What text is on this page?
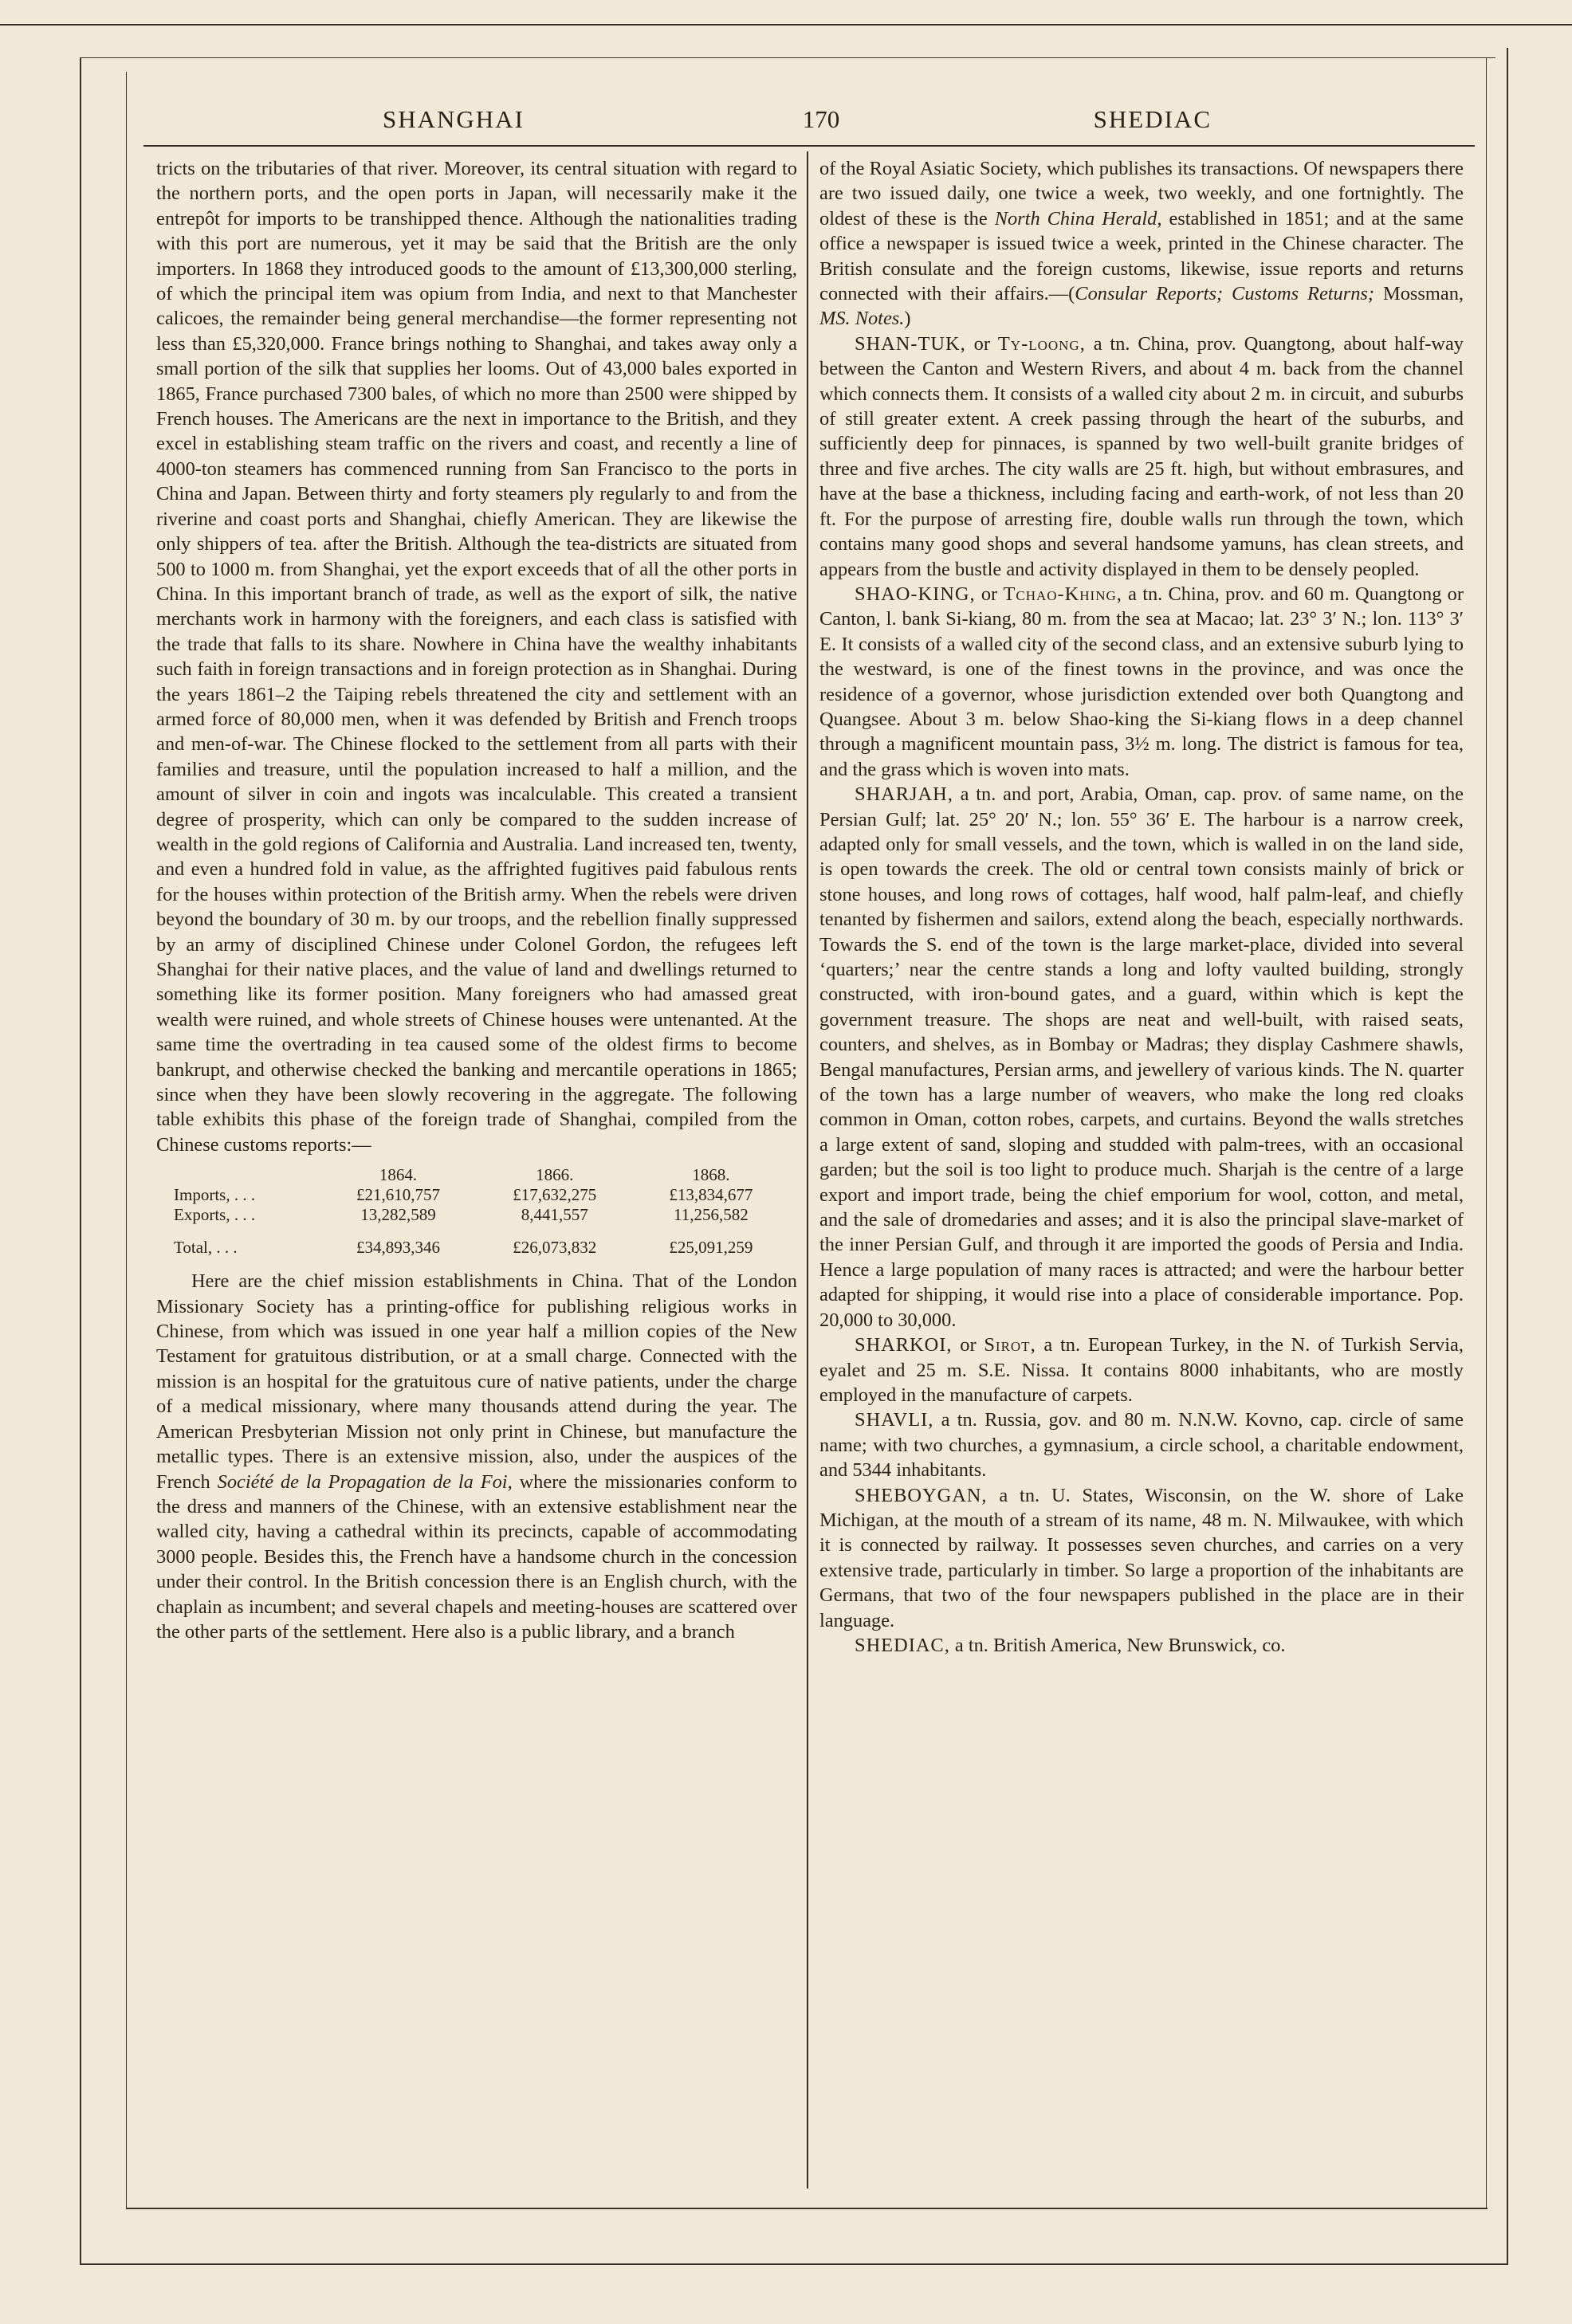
SHANGHAI	170	SHEDIAC

tricts on the tributaries of that river. Moreover, its central situation with regard to the northern ports, and the open ports in Japan, will necessarily make it the entrepôt for imports to be transhipped thence. Although the nationalities trading with this port are numerous, yet it may be said that the British are the only importers. In 1868 they introduced goods to the amount of £13,300,000 sterling, of which the principal item was opium from India, and next to that Manchester calicoes, the remainder being general merchandise—the former representing not less than £5,320,000. France brings nothing to Shanghai, and takes away only a small portion of the silk that supplies her looms. Out of 43,000 bales exported in 1865, France purchased 7300 bales, of which no more than 2500 were shipped by French houses. The Americans are the next in importance to the British, and they excel in establishing steam traffic on the rivers and coast, and recently a line of 4000-ton steamers has commenced running from San Francisco to the ports in China and Japan. Between thirty and forty steamers ply regularly to and from the riverine and coast ports and Shanghai, chiefly American. They are likewise the only shippers of tea. after the British. Although the tea-districts are situated from 500 to 1000 m. from Shanghai, yet the export exceeds that of all the other ports in China. In this important branch of trade, as well as the export of silk, the native merchants work in harmony with the foreigners, and each class is satisfied with the trade that falls to its share. Nowhere in China have the wealthy inhabitants such faith in foreign transactions and in foreign protection as in Shanghai. During the years 1861–2 the Taiping rebels threatened the city and settlement with an armed force of 80,000 men, when it was defended by British and French troops and men-of-war. The Chinese flocked to the settlement from all parts with their families and treasure, until the population increased to half a million, and the amount of silver in coin and ingots was incalculable. This created a transient degree of prosperity, which can only be compared to the sudden increase of wealth in the gold regions of California and Australia. Land increased ten, twenty, and even a hundred fold in value, as the affrighted fugitives paid fabulous rents for the houses within protection of the British army. When the rebels were driven beyond the boundary of 30 m. by our troops, and the rebellion finally suppressed by an army of disciplined Chinese under Colonel Gordon, the refugees left Shanghai for their native places, and the value of land and dwellings returned to something like its former position. Many foreigners who had amassed great wealth were ruined, and whole streets of Chinese houses were untenanted. At the same time the overtrading in tea caused some of the oldest firms to become bankrupt, and otherwise checked the banking and mercantile operations in 1865; since when they have been slowly recovering in the aggregate. The following table exhibits this phase of the foreign trade of Shanghai, compiled from the Chinese customs reports:—

	1864.	1866.	1868.
Imports, . . .	£21,610,757	£17,632,275	£13,834,677
Exports, . . .	13,282,589	8,441,557	11,256,582
Total, . . .	£34,893,346	£26,073,832	£25,091,259

Here are the chief mission establishments in China. That of the London Missionary Society has a printing-office for publishing religious works in Chinese, from which was issued in one year half a million copies of the New Testament for gratuitous distribution, or at a small charge. Connected with the mission is an hospital for the gratuitous cure of native patients, under the charge of a medical missionary, where many thousands attend during the year. The American Presbyterian Mission not only print in Chinese, but manufacture the metallic types. There is an extensive mission, also, under the auspices of the French Société de la Propagation de la Foi, where the missionaries conform to the dress and manners of the Chinese, with an extensive establishment near the walled city, having a cathedral within its precincts, capable of accommodating 3000 people. Besides this, the French have a handsome church in the concession under their control. In the British concession there is an English church, with the chaplain as incumbent; and several chapels and meeting-houses are scattered over the other parts of the settlement. Here also is a public library, and a branch

of the Royal Asiatic Society, which publishes its transactions. Of newspapers there are two issued daily, one twice a week, two weekly, and one fortnightly. The oldest of these is the North China Herald, established in 1851; and at the same office a newspaper is issued twice a week, printed in the Chinese character. The British consulate and the foreign customs, likewise, issue reports and returns connected with their affairs.—(Consular Reports; Customs Returns; Mossman, MS. Notes.)

SHAN-TUK, or Ty-loong, a tn. China, prov. Quangtong, about half-way between the Canton and Western Rivers, and about 4 m. back from the channel which connects them. It consists of a walled city about 2 m. in circuit, and suburbs of still greater extent. A creek passing through the heart of the suburbs, and sufficiently deep for pinnaces, is spanned by two well-built granite bridges of three and five arches. The city walls are 25 ft. high, but without embrasures, and have at the base a thickness, including facing and earth-work, of not less than 20 ft. For the purpose of arresting fire, double walls run through the town, which contains many good shops and several handsome yamuns, has clean streets, and appears from the bustle and activity displayed in them to be densely peopled.

SHAO-KING, or Tchao-Khing, a tn. China, prov. and 60 m. Quangtong or Canton, l. bank Si-kiang, 80 m. from the sea at Macao; lat. 23° 3′ N.; lon. 113° 3′ E. It consists of a walled city of the second class, and an extensive suburb lying to the westward, is one of the finest towns in the province, and was once the residence of a governor, whose jurisdiction extended over both Quangtong and Quangsee. About 3 m. below Shao-king the Si-kiang flows in a deep channel through a magnificent mountain pass, 3½ m. long. The district is famous for tea, and the grass which is woven into mats.

SHARJAH, a tn. and port, Arabia, Oman, cap. prov. of same name, on the Persian Gulf; lat. 25° 20′ N.; lon. 55° 36′ E. The harbour is a narrow creek, adapted only for small vessels, and the town, which is walled in on the land side, is open towards the creek. The old or central town consists mainly of brick or stone houses, and long rows of cottages, half wood, half palm-leaf, and chiefly tenanted by fishermen and sailors, extend along the beach, especially northwards. Towards the S. end of the town is the large market-place, divided into several ‘quarters;’ near the centre stands a long and lofty vaulted building, strongly constructed, with iron-bound gates, and a guard, within which is kept the government treasure. The shops are neat and well-built, with raised seats, counters, and shelves, as in Bombay or Madras; they display Cashmere shawls, Bengal manufactures, Persian arms, and jewellery of various kinds. The N. quarter of the town has a large number of weavers, who make the long red cloaks common in Oman, cotton robes, carpets, and curtains. Beyond the walls stretches a large extent of sand, sloping and studded with palm-trees, with an occasional garden; but the soil is too light to produce much. Sharjah is the centre of a large export and import trade, being the chief emporium for wool, cotton, and metal, and the sale of dromedaries and asses; and it is also the principal slave-market of the inner Persian Gulf, and through it are imported the goods of Persia and India. Hence a large population of many races is attracted; and were the harbour better adapted for shipping, it would rise into a place of considerable importance. Pop. 20,000 to 30,000.

SHARKOI, or Sirot, a tn. European Turkey, in the N. of Turkish Servia, eyalet and 25 m. S.E. Nissa. It contains 8000 inhabitants, who are mostly employed in the manufacture of carpets.

SHAVLI, a tn. Russia, gov. and 80 m. N.N.W. Kovno, cap. circle of same name; with two churches, a gymnasium, a circle school, a charitable endowment, and 5344 inhabitants.

SHEBOYGAN, a tn. U. States, Wisconsin, on the W. shore of Lake Michigan, at the mouth of a stream of its name, 48 m. N. Milwaukee, with which it is connected by railway. It possesses seven churches, and carries on a very extensive trade, particularly in timber. So large a proportion of the inhabitants are Germans, that two of the four newspapers published in the place are in their language.

SHEDIAC, a tn. British America, New Brunswick, co.
